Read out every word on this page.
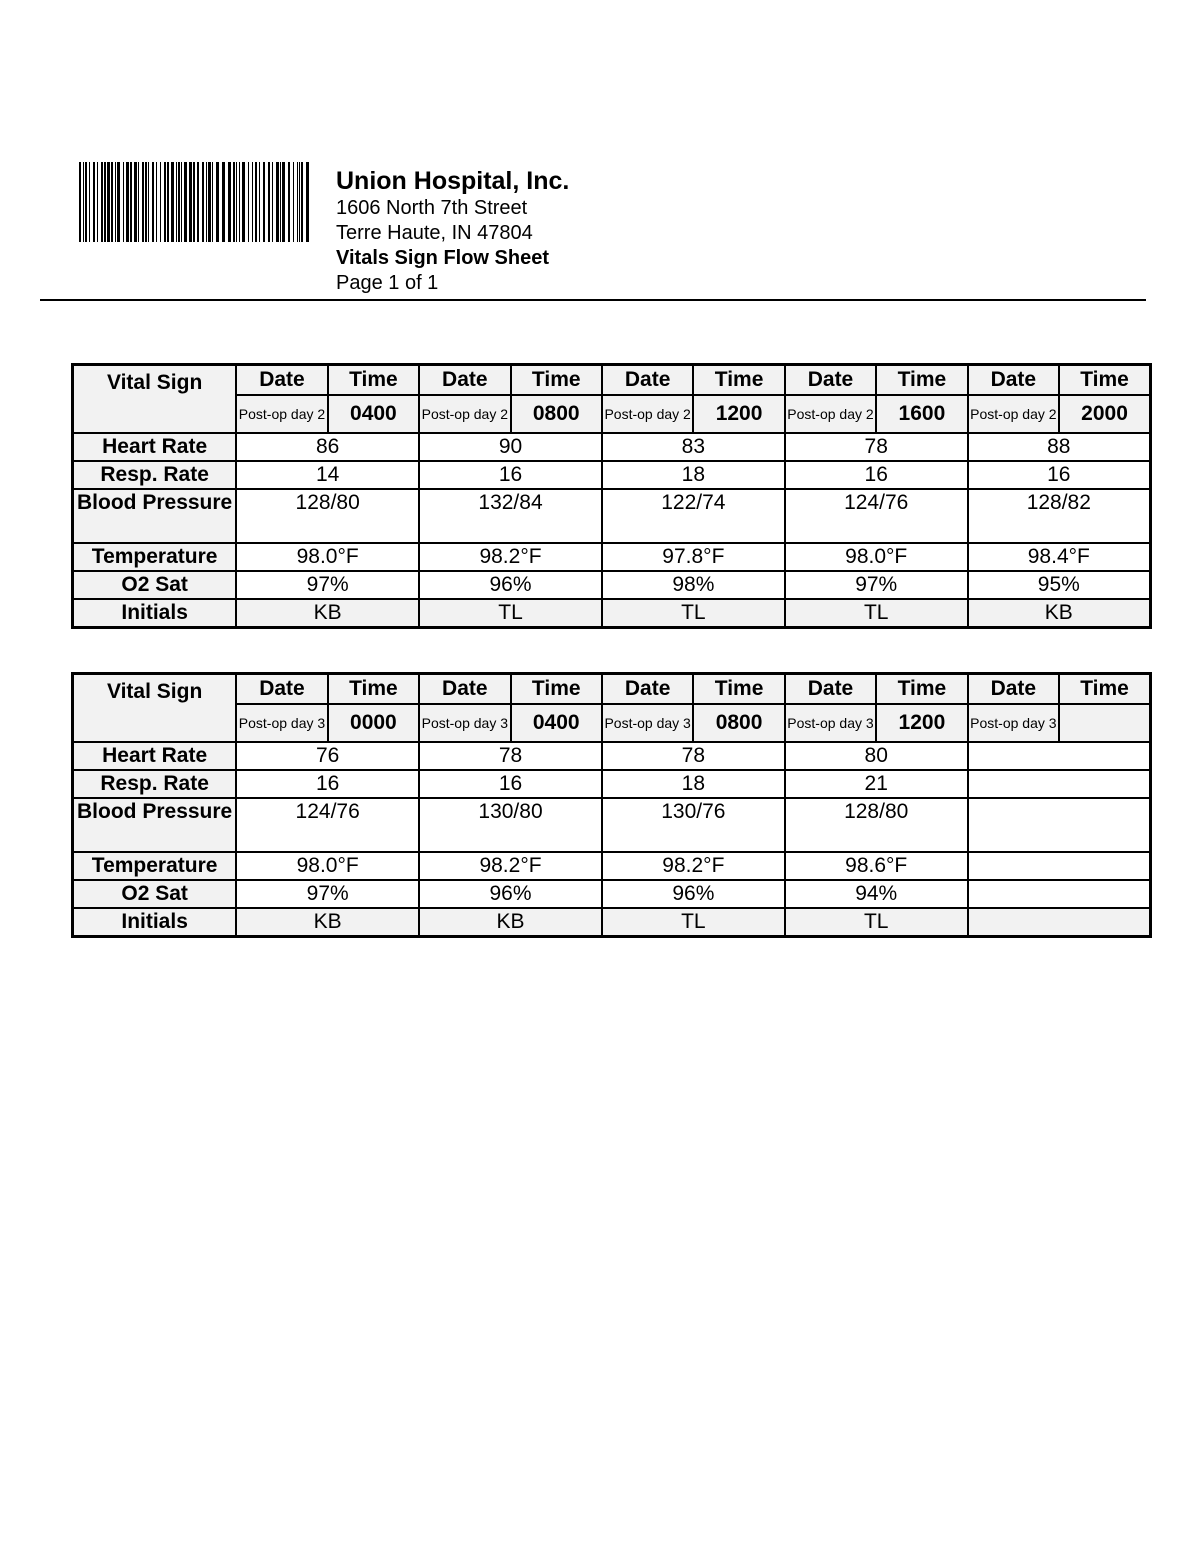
Union Hospital, Inc.
1606 North 7th Street
Terre Haute, IN 47804
Vitals Sign Flow Sheet
Page 1 of 1
Vital Sign	Date	Time	Date	Time	Date	Time	Date	Time	Date	Time
	Post-op day 2	0400	Post-op day 2	0800	Post-op day 2	1200	Post-op day 2	1600	Post-op day 2	2000
Heart Rate	86		90		83		78		88	
Resp. Rate	14		16		18		16		16	
Blood Pressure	128/80		132/84		122/74		124/76		128/82	
Temperature	98.0°F		98.2°F		97.8°F		98.0°F		98.4°F	
O2 Sat	97%		96%		98%		97%		95%	
Initials	KB		TL		TL		TL		KB	
Vital Sign	Date	Time	Date	Time	Date	Time	Date	Time	Date	Time
	Post-op day 3	0000	Post-op day 3	0400	Post-op day 3	0800	Post-op day 3	1200	Post-op day 3	
Heart Rate	76		78		78		80			
Resp. Rate	16		16		18		21			
Blood Pressure	124/76		130/80		130/76		128/80			
Temperature	98.0°F		98.2°F		98.2°F		98.6°F			
O2 Sat	97%		96%		96%		94%			
Initials	KB		KB		TL		TL			
